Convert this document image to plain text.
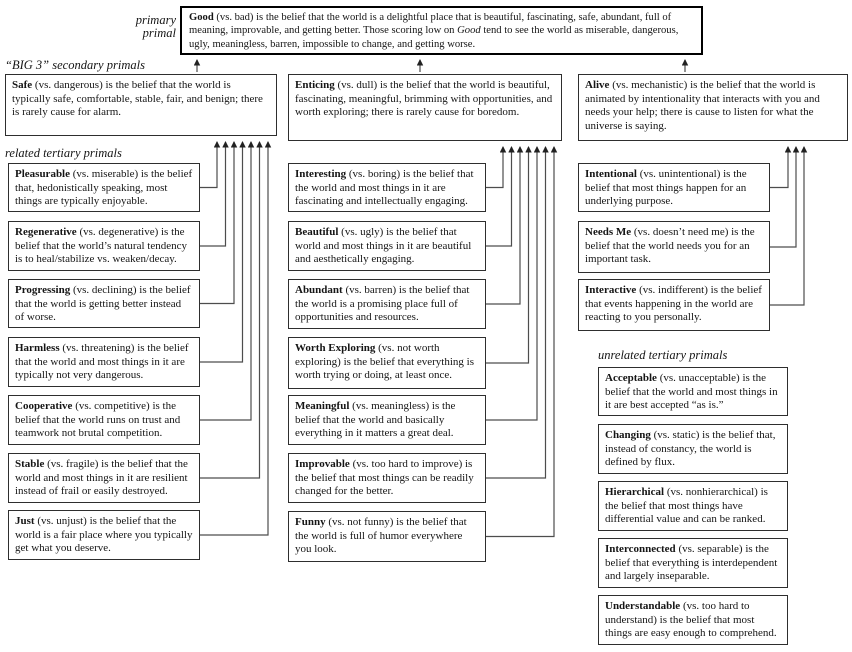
primary
primal
Good (vs. bad) is the belief that the world is a delightful place that is beautiful, fascinating, safe, abundant, full of meaning, improvable, and getting better. Those scoring low on Good tend to see the world as miserable, dangerous, ugly, meaningless, barren, impossible to change, and getting worse.
“BIG 3” secondary primals
Safe (vs. dangerous) is the belief that the world is typically safe, comfortable, stable, fair, and benign; there is rarely cause for alarm.
Enticing (vs. dull) is the belief that the world is beautiful, fascinating, meaningful, brimming with opportunities, and worth exploring; there is rarely cause for boredom.
Alive (vs. mechanistic) is the belief that the world is animated by intentionality that interacts with you and needs your help; there is cause to listen for what the universe is saying.
related tertiary primals
Pleasurable (vs. miserable) is the belief that, hedonistically speaking, most things are typically enjoyable.
Regenerative (vs. degenerative) is the belief that the world’s natural tendency is to heal/stabilize vs. weaken/decay.
Progressing (vs. declining) is the belief that the world is getting better instead of worse.
Harmless (vs. threatening) is the belief that the world and most things in it are typically not very dangerous.
Cooperative (vs. competitive) is the belief that the world runs on trust and teamwork not brutal competition.
Stable (vs. fragile) is the belief that the world and most things in it are resilient instead of frail or easily destroyed.
Just (vs. unjust) is the belief that the world is a fair place where you typically get what you deserve.
Interesting (vs. boring) is the belief that the world and most things in it are fascinating and intellectually engaging.
Beautiful (vs. ugly) is the belief that world and most things in it are beautiful and aesthetically engaging.
Abundant (vs. barren) is the belief that the world is a promising place full of opportunities and resources.
Worth Exploring (vs. not worth exploring) is the belief that everything is worth trying or doing, at least once.
Meaningful (vs. meaningless) is the belief that the world and basically everything in it matters a great deal.
Improvable (vs. too hard to improve) is the belief that most things can be readily changed for the better.
Funny (vs. not funny) is the belief that the world is full of humor everywhere you look.
Intentional (vs. unintentional) is the belief that most things happen for an underlying purpose.
Needs Me (vs. doesn’t need me) is the belief that the world needs you for an important task.
Interactive (vs. indifferent) is the belief that events happening in the world are reacting to you personally.
unrelated tertiary primals
Acceptable (vs. unacceptable) is the belief that the world and most things in it are best accepted “as is.”
Changing (vs. static) is the belief that, instead of constancy, the world is defined by flux.
Hierarchical (vs. nonhierarchical) is the belief that most things have differential value and can be ranked.
Interconnected (vs. separable) is the belief that everything is interdependent and largely inseparable.
Understandable (vs. too hard to understand) is the belief that most things are easy enough to comprehend.
